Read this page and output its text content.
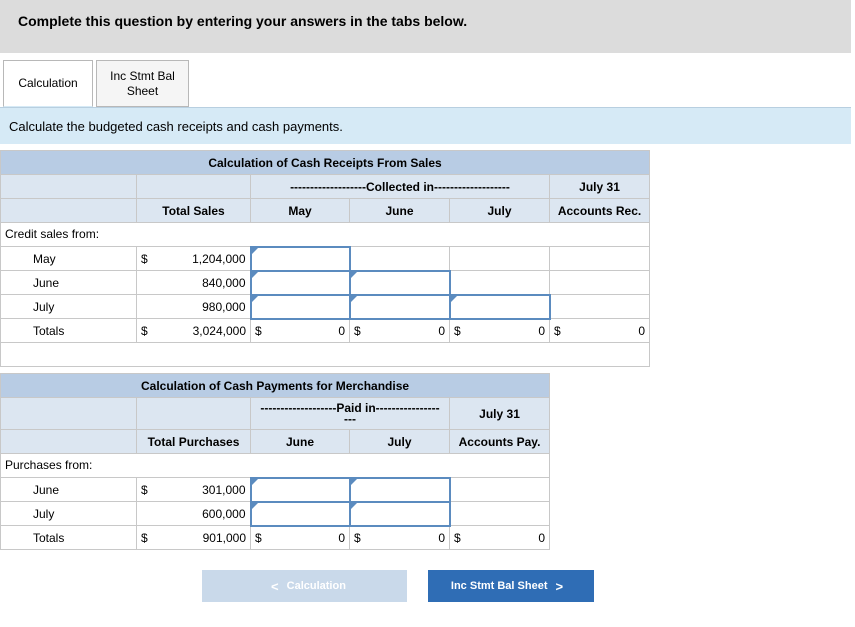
Complete this question by entering your answers in the tabs below.
Calculation
Inc Stmt Bal Sheet
Calculate the budgeted cash receipts and cash payments.
Calculation of Cash Receipts From Sales					
		-------------------Collected in-------------------			July 31
	Total Sales	May	June	July	Accounts Rec.
Credit sales from:					
May	$ 1,204,000				

June	840,000				
July	980,000				
Totals	$ 3,024,000	$ 0	$ 0	$ 0	$ 0

Calculation of Cash Payments for Merchandise				

		-------------------Paid in----------------
---		July 31
	Total Purchases	June	July	Accounts Pay.
Purchases from:				
June	$ 301,000			

July	600,000			
Totals	$ 901,000	$ 0	$ 0	$ 0
< Calculation	Inc Stmt Bal Sheet >
